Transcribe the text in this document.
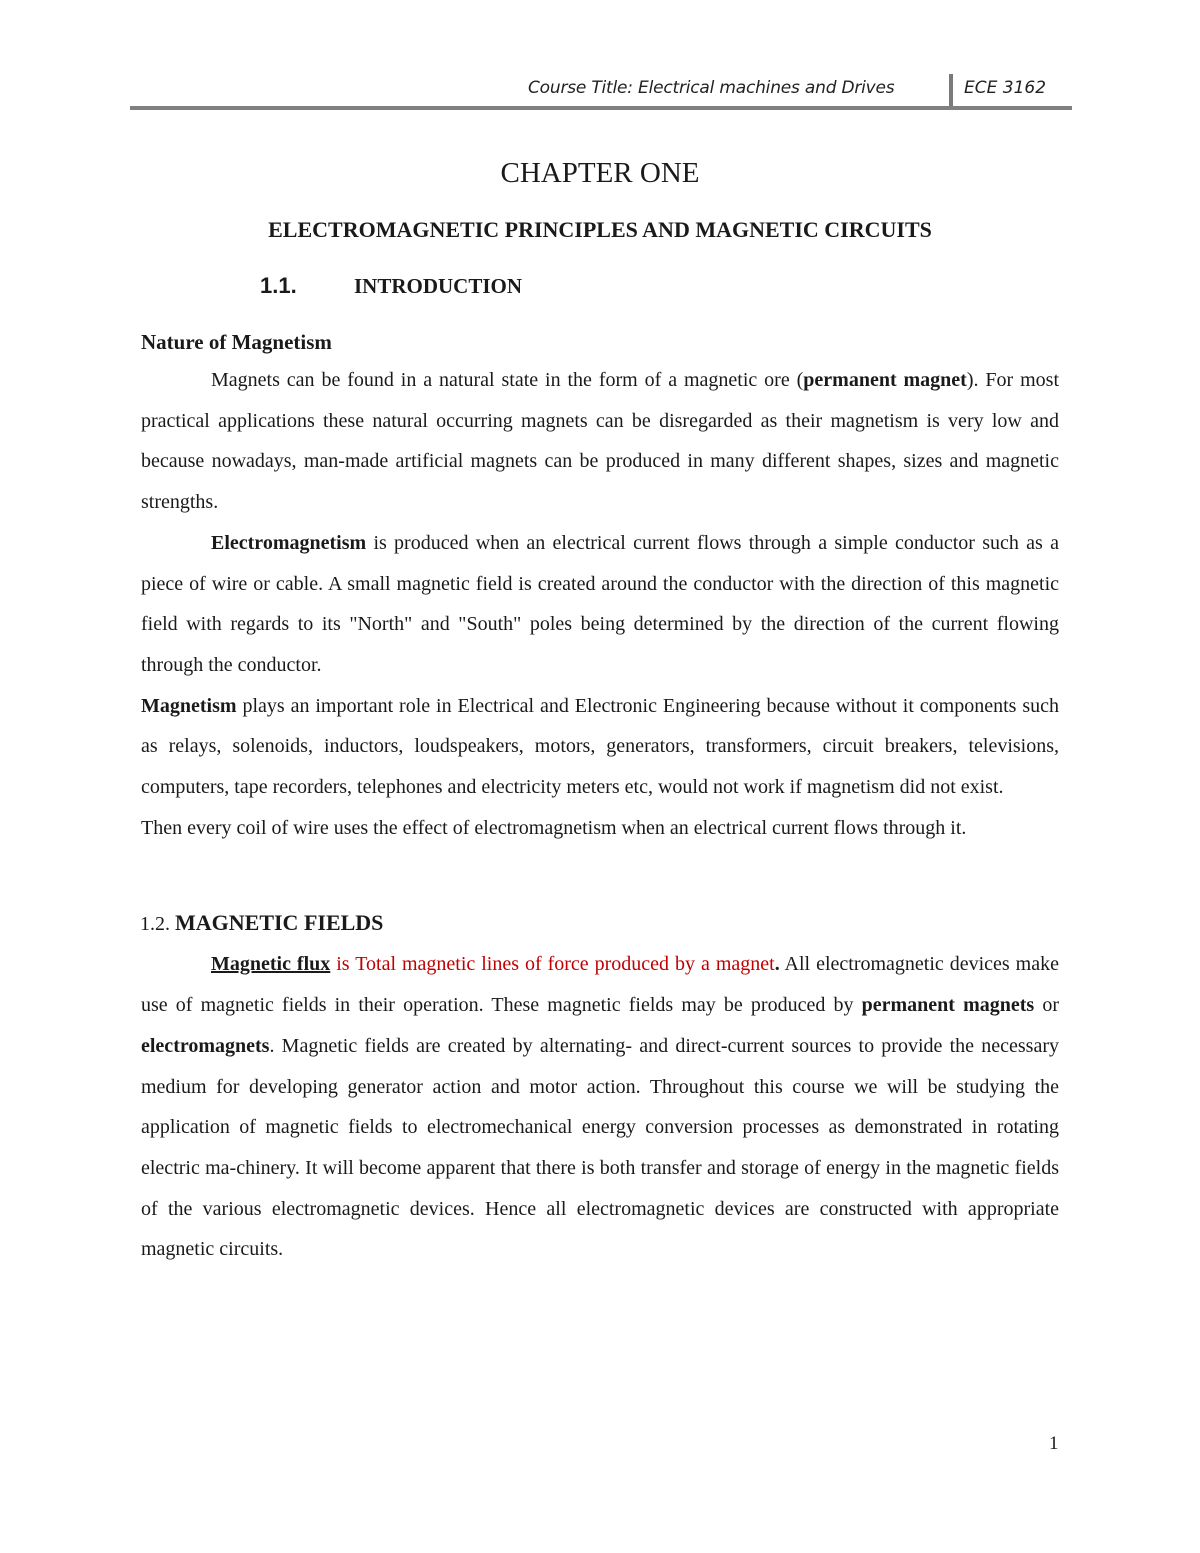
Course Title: Electrical machines and Drives	ECE 3162
CHAPTER ONE
ELECTROMAGNETIC PRINCIPLES AND MAGNETIC CIRCUITS
1.1.	INTRODUCTION
Nature of Magnetism

Magnets can be found in a natural state in the form of a magnetic ore (permanent magnet). For most practical applications these natural occurring magnets can be disregarded as their magnetism is very low and because nowadays, man-made artificial magnets can be produced in many different shapes, sizes and magnetic strengths.

Electromagnetism is produced when an electrical current flows through a simple conductor such as a piece of wire or cable. A small magnetic field is created around the conductor with the direction of this magnetic field with regards to its "North" and "South" poles being determined by the direction of the current flowing through the conductor.

Magnetism plays an important role in Electrical and Electronic Engineering because without it components such as relays, solenoids, inductors, loudspeakers, motors, generators, transformers, circuit breakers, televisions, computers, tape recorders, telephones and electricity meters etc, would not work if magnetism did not exist.

Then every coil of wire uses the effect of electromagnetism when an electrical current flows through it.

1.2. MAGNETIC FIELDS

Magnetic flux is Total magnetic lines of force produced by a magnet. All electromagnetic devices make use of magnetic fields in their operation. These magnetic fields may be produced by permanent magnets or electromagnets. Magnetic fields are created by alternating- and direct-current sources to provide the necessary medium for developing generator action and motor action. Throughout this course we will be studying the application of magnetic fields to electromechanical energy conversion processes as demonstrated in rotating electric ma-chinery. It will become apparent that there is both transfer and storage of energy in the magnetic fields of the various electromagnetic devices. Hence all electromagnetic devices are constructed with appropriate magnetic circuits.

1
